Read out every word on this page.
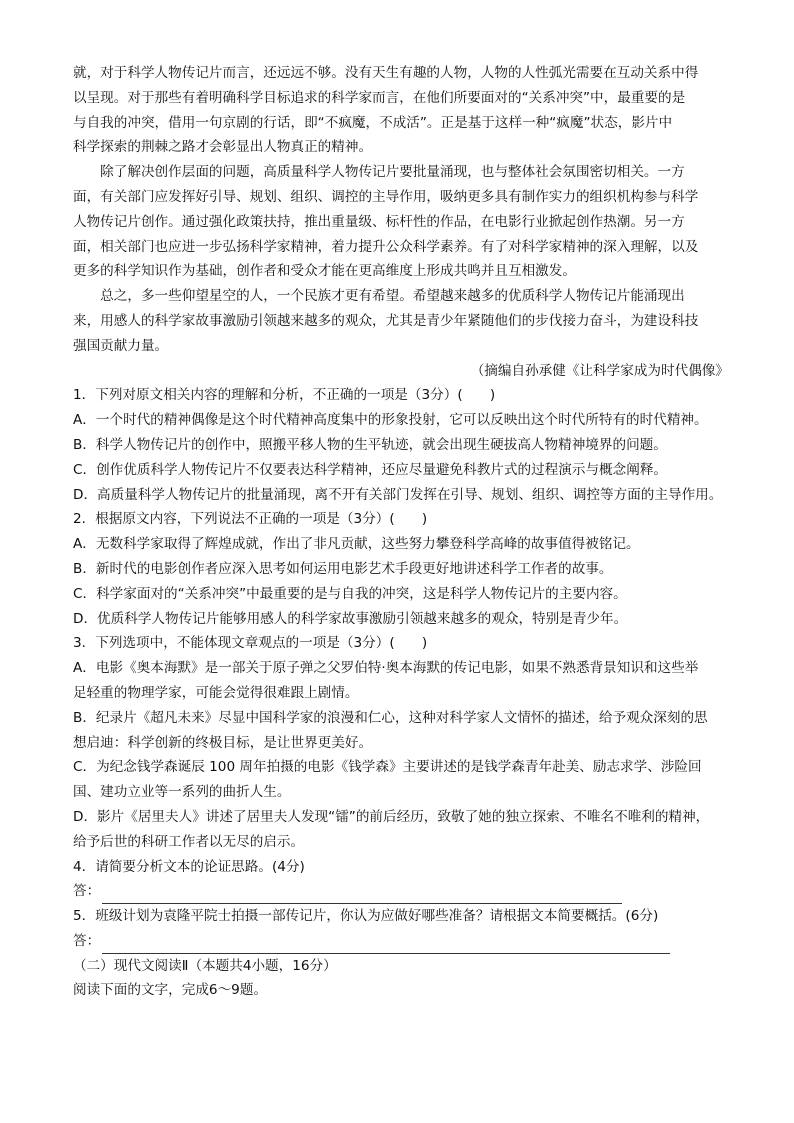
就，对于科学人物传记片而言，还远远不够。没有天生有趣的人物，人物的人性弧光需要在互动关系中得
以呈现。对于那些有着明确科学目标追求的科学家而言，在他们所要面对的“关系冲突”中，最重要的是
与自我的冲突，借用一句京剧的行话，即“不疯魔，不成活”。正是基于这样一种“疯魔”状态，影片中
科学探索的荆棘之路才会彰显出人物真正的精神。
　　除了解决创作层面的问题，高质量科学人物传记片要批量涌现，也与整体社会氛围密切相关。一方
面，有关部门应发挥好引导、规划、组织、调控的主导作用，吸纳更多具有制作实力的组织机构参与科学
人物传记片创作。通过强化政策扶持，推出重量级、标杆性的作品，在电影行业掀起创作热潮。另一方
面，相关部门也应进一步弘扬科学家精神，着力提升公众科学素养。有了对科学家精神的深入理解，以及
更多的科学知识作为基础，创作者和受众才能在更高维度上形成共鸣并且互相激发。
　　总之，多一些仰望星空的人，一个民族才更有希望。希望越来越多的优质科学人物传记片能涌现出
来，用感人的科学家故事激励引领越来越多的观众，尤其是青少年紧随他们的步伐接力奋斗，为建设科技
强国贡献力量。
（摘编自孙承健《让科学家成为时代偶像》
1．下列对原文相关内容的理解和分析，不正确的一项是（3分）(　　)
A．一个时代的精神偶像是这个时代精神高度集中的形象投射，它可以反映出这个时代所特有的时代精神。
B．科学人物传记片的创作中，照搬平移人物的生平轨迹，就会出现生硬拔高人物精神境界的问题。
C．创作优质科学人物传记片不仅要表达科学精神，还应尽量避免科教片式的过程演示与概念阐释。
D．高质量科学人物传记片的批量涌现，离不开有关部门发挥在引导、规划、组织、调控等方面的主导作用。
2．根据原文内容，下列说法不正确的一项是（3分）(　　)
A．无数科学家取得了辉煌成就，作出了非凡贡献，这些努力攀登科学高峰的故事值得被铭记。
B．新时代的电影创作者应深入思考如何运用电影艺术手段更好地讲述科学工作者的故事。
C．科学家面对的“关系冲突”中最重要的是与自我的冲突，这是科学人物传记片的主要内容。
D．优质科学人物传记片能够用感人的科学家故事激励引领越来越多的观众，特别是青少年。
3．下列选项中，不能体现文章观点的一项是（3分）(　　)
A．电影《奥本海默》是一部关于原子弹之父罗伯特·奥本海默的传记电影，如果不熟悉背景知识和这些举
足轻重的物理学家，可能会觉得很难跟上剧情。
B．纪录片《超凡未来》尽显中国科学家的浪漫和仁心，这种对科学家人文情怀的描述，给予观众深刻的思
想启迪：科学创新的终极目标，是让世界更美好。
C．为纪念钱学森诞辰 100 周年拍摄的电影《钱学森》主要讲述的是钱学森青年赴美、励志求学、涉险回
国、建功立业等一系列的曲折人生。
D．影片《居里夫人》讲述了居里夫人发现“镭”的前后经历，致敬了她的独立探索、不唯名不唯利的精神，
给予后世的科研工作者以无尽的启示。
4．请简要分析文本的论证思路。(4分)
答：
5．班级计划为袁隆平院士拍摄一部传记片，你认为应做好哪些准备？请根据文本简要概括。(6分)
答：
（二）现代文阅读Ⅱ（本题共4小题，16分）
阅读下面的文字，完成6～9题。
